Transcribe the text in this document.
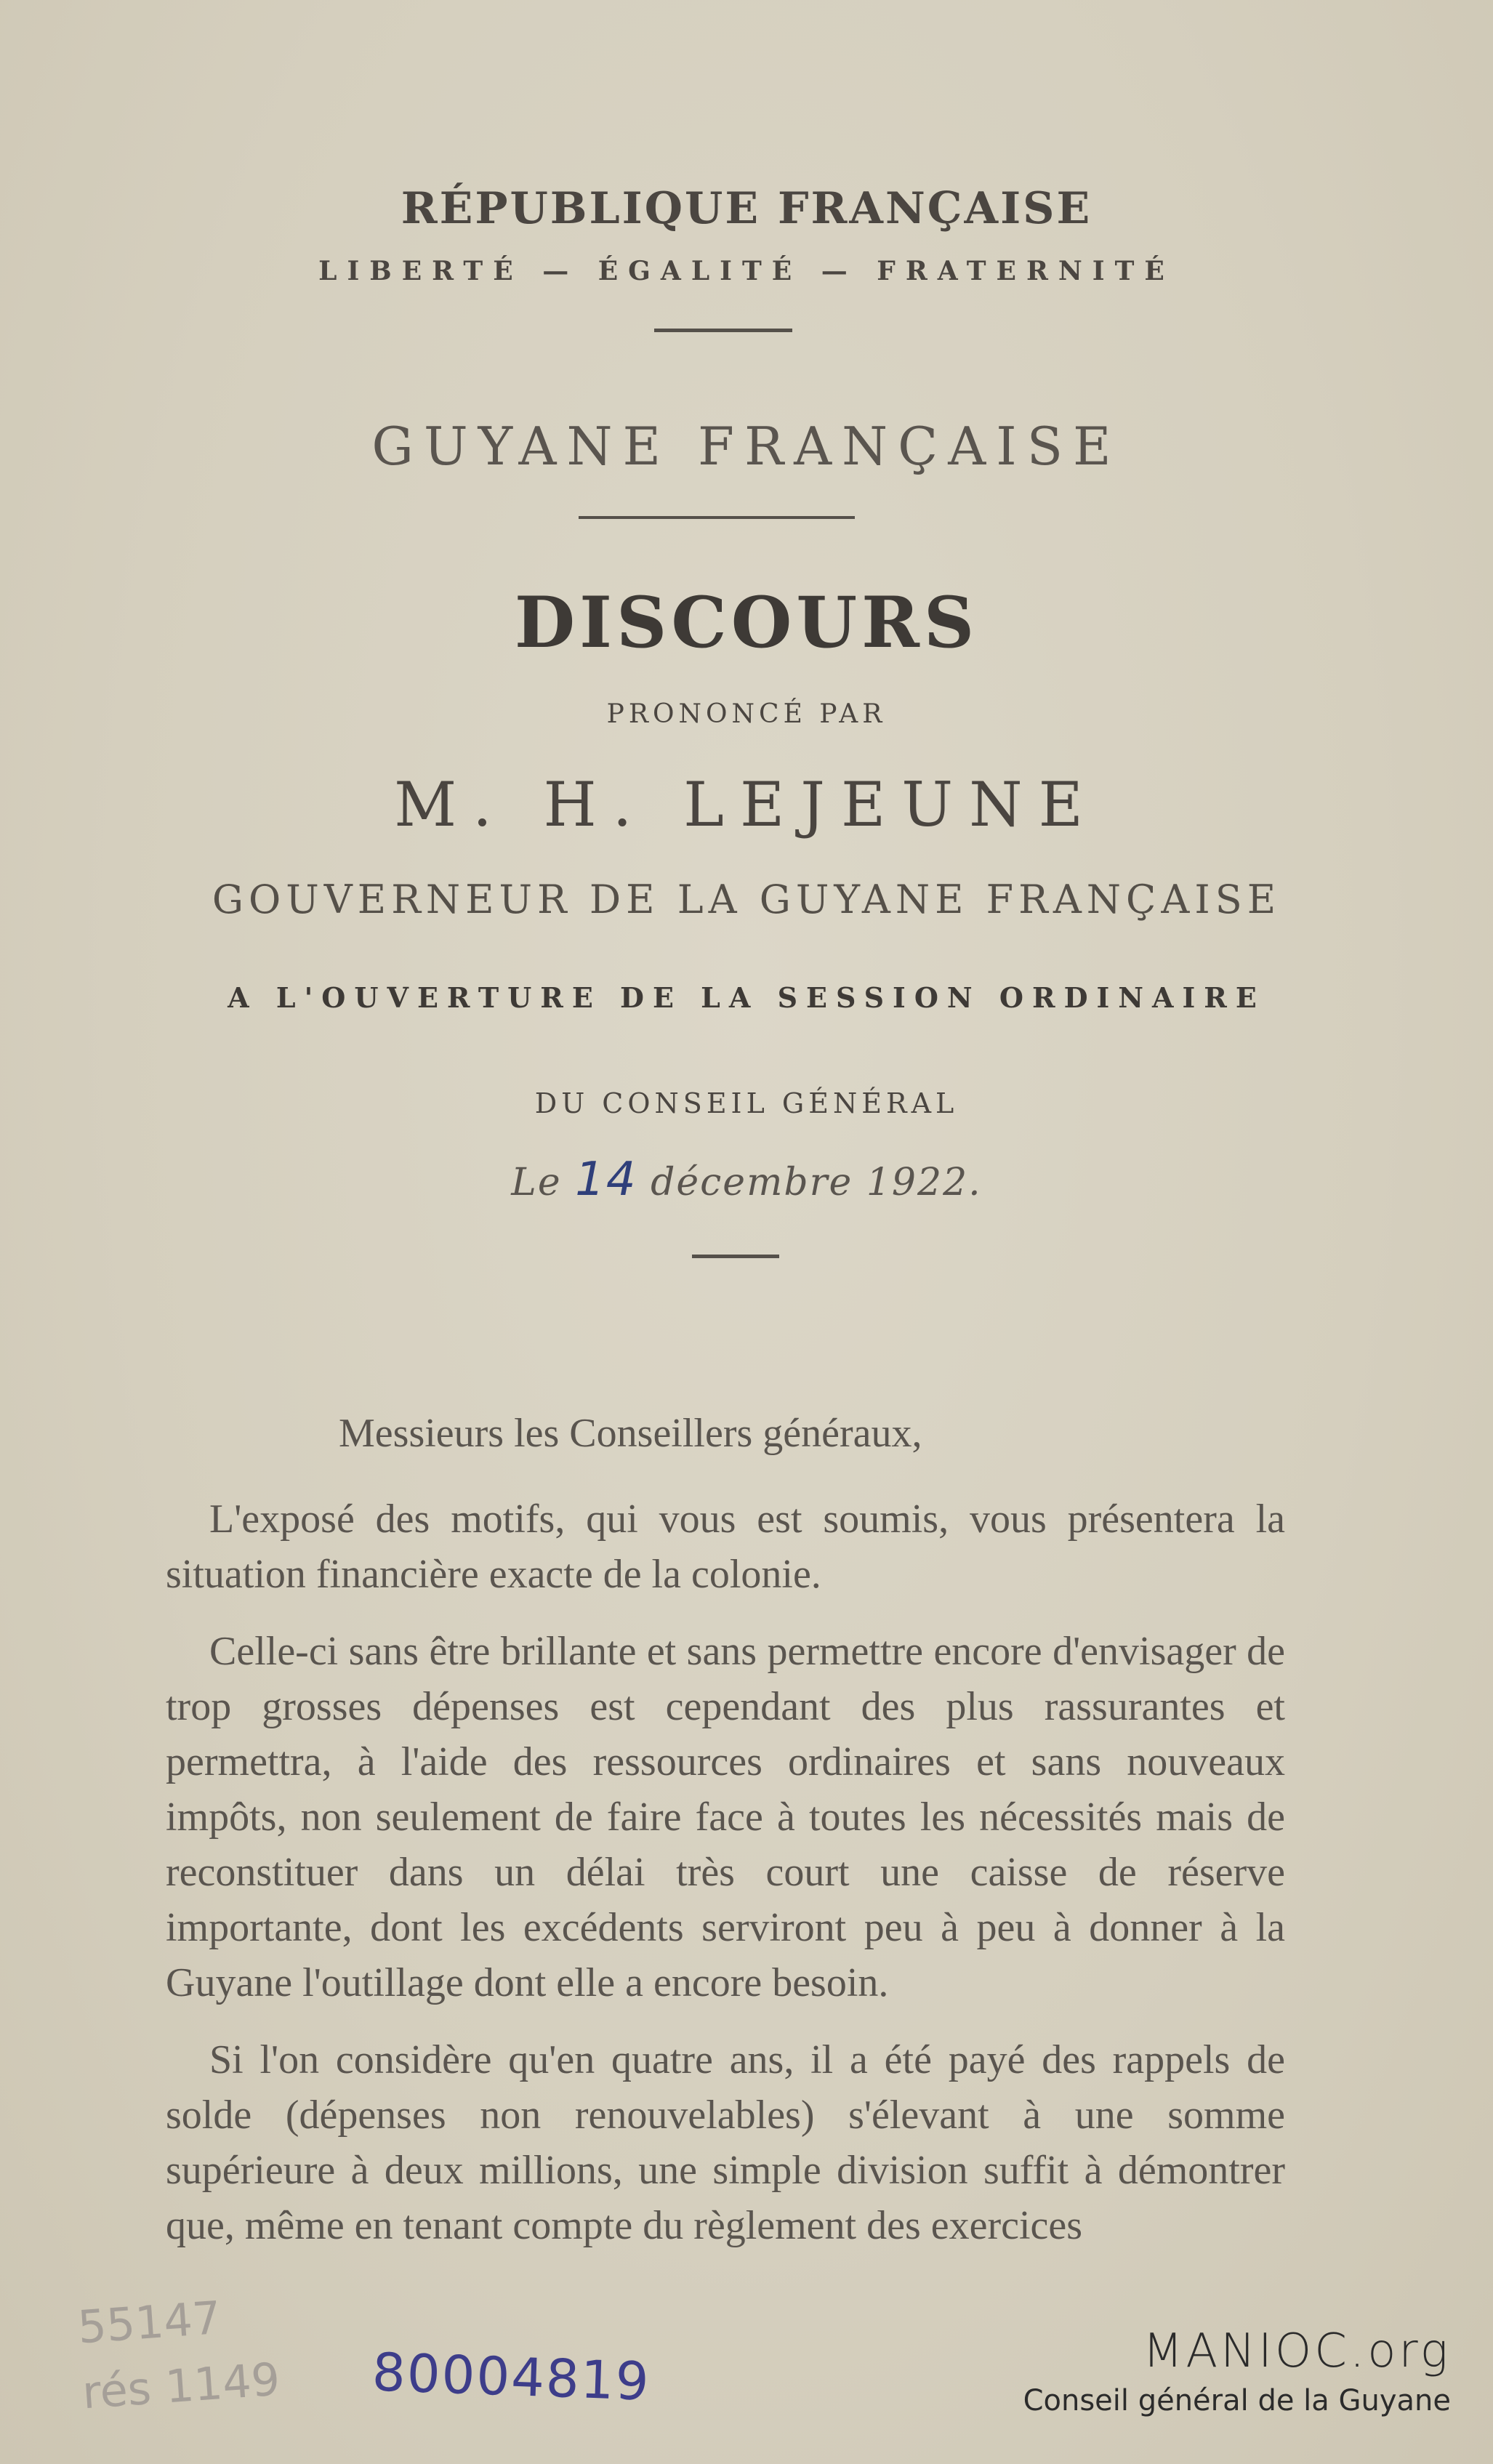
RÉPUBLIQUE FRANÇAISE
LIBERTÉ — ÉGALITÉ — FRATERNITÉ
GUYANE FRANÇAISE
DISCOURS
PRONONCÉ PAR
M. H. LEJEUNE
GOUVERNEUR DE LA GUYANE FRANÇAISE
A L'OUVERTURE DE LA SESSION ORDINAIRE
DU CONSEIL GÉNÉRAL
Le 14 décembre 1922.
Messieurs les Conseillers généraux,

L'exposé des motifs, qui vous est soumis, vous présentera la situation financière exacte de la colonie.

Celle-ci sans être brillante et sans permettre encore d'envisager de trop grosses dépenses est cependant des plus rassurantes et permettra, à l'aide des ressources ordinaires et sans nouveaux impôts, non seulement de faire face à toutes les nécessités mais de reconstituer dans un délai très court une caisse de réserve importante, dont les excédents serviront peu à peu à donner à la Guyane l'outillage dont elle a encore besoin.

Si l'on considère qu'en quatre ans, il a été payé des rappels de solde (dépenses non renouvelables) s'élevant à une somme supérieure à deux millions, une simple division suffit à démontrer que, même en tenant compte du règlement des exercices

55147
rés 1149 80004819	MANIOC.org
Conseil général de la Guyane
